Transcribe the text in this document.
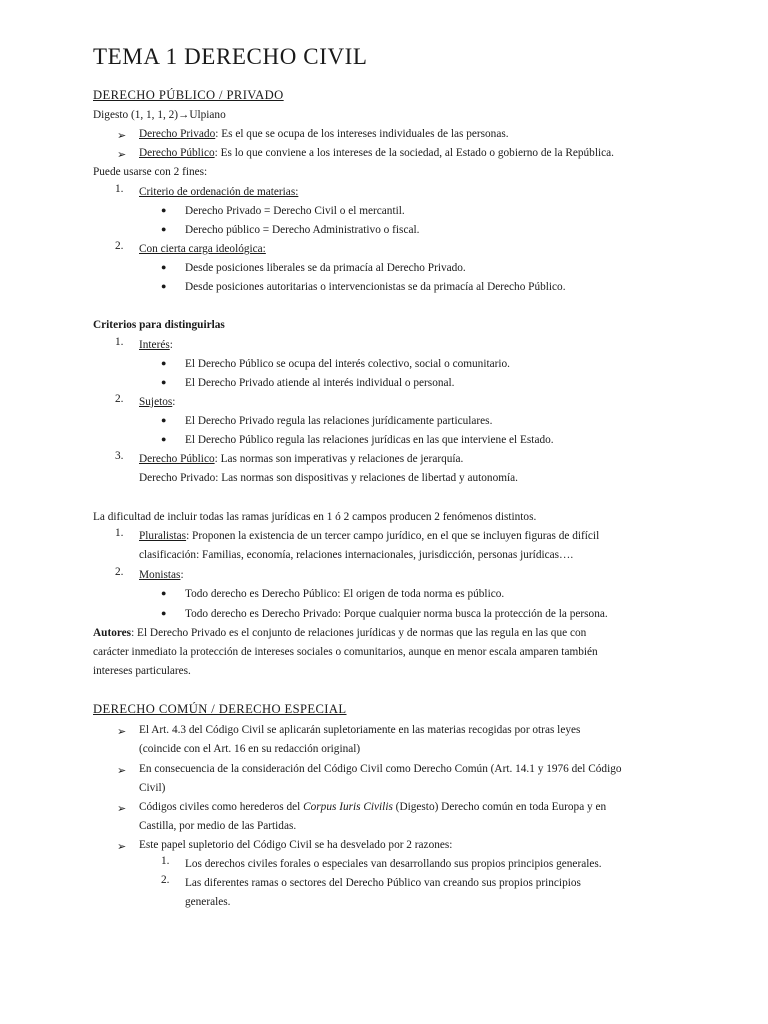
TEMA 1 DERECHO CIVIL
DERECHO PÚBLICO / PRIVADO
Digesto (1, 1, 1, 2)→Ulpiano
➢ Derecho Privado: Es el que se ocupa de los intereses individuales de las personas.
➢ Derecho Público: Es lo que conviene a los intereses de la sociedad, al Estado o gobierno de la República.
Puede usarse con 2 fines:
1. Criterio de ordenación de materias:
● Derecho Privado = Derecho Civil o el mercantil.
● Derecho público = Derecho Administrativo o fiscal.
2. Con cierta carga ideológica:
● Desde posiciones liberales se da primacía al Derecho Privado.
● Desde posiciones autoritarias o intervencionistas se da primacía al Derecho Público.
Criterios para distinguirlas
1. Interés:
● El Derecho Público se ocupa del interés colectivo, social o comunitario.
● El Derecho Privado atiende al interés individual o personal.
2. Sujetos:
● El Derecho Privado regula las relaciones jurídicamente particulares.
● El Derecho Público regula las relaciones jurídicas en las que interviene el Estado.
3. Derecho Público: Las normas son imperativas y relaciones de jerarquía.
Derecho Privado: Las normas son dispositivas y relaciones de libertad y autonomía.
La dificultad de incluir todas las ramas jurídicas en 1 ó 2 campos producen 2 fenómenos distintos.
1. Pluralistas: Proponen la existencia de un tercer campo jurídico, en el que se incluyen figuras de difícil
clasificación: Familias, economía, relaciones internacionales, jurisdicción, personas jurídicas….
2. Monistas:
● Todo derecho es Derecho Público: El origen de toda norma es público.
● Todo derecho es Derecho Privado: Porque cualquier norma busca la protección de la persona.
Autores: El Derecho Privado es el conjunto de relaciones jurídicas y de normas que las regula en las que con
carácter inmediato la protección de intereses sociales o comunitarios, aunque en menor escala amparen también
intereses particulares.
DERECHO COMÚN / DERECHO ESPECIAL
➢ El Art. 4.3 del Código Civil se aplicarán supletoriamente en las materias recogidas por otras leyes
(coincide con el Art. 16 en su redacción original)
➢ En consecuencia de la consideración del Código Civil como Derecho Común (Art. 14.1 y 1976 del Código
Civil)
➢ Códigos civiles como herederos del Corpus Iuris Civilis (Digesto) Derecho común en toda Europa y en
Castilla, por medio de las Partidas.
➢ Este papel supletorio del Código Civil se ha desvelado por 2 razones:
1. Los derechos civiles forales o especiales van desarrollando sus propios principios generales.
2. Las diferentes ramas o sectores del Derecho Público van creando sus propios principios
generales.
